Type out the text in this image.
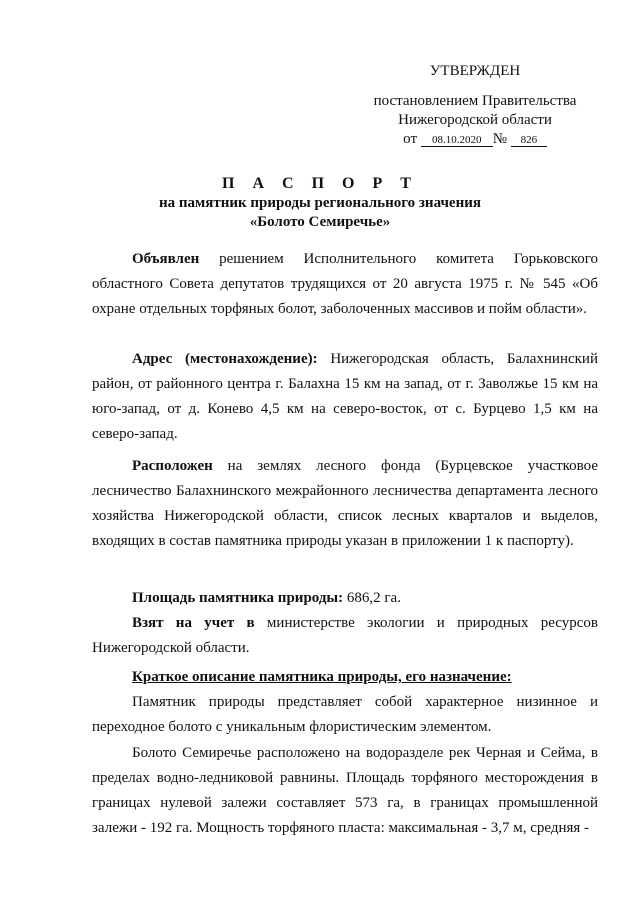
УТВЕРЖДЕН
постановлением Правительства
Нижегородской области
от 08.10.2020 № 826
П А С П О Р Т
на памятник природы регионального значения
«Болото Семиречье»

Объявлен решением Исполнительного комитета Горьковского областного Совета депутатов трудящихся от 20 августа 1975 г. № 545 «Об охране отдельных торфяных болот, заболоченных массивов и пойм области».

Адрес (местонахождение): Нижегородская область, Балахнинский район, от районного центра г. Балахна 15 км на запад, от г. Заволжье 15 км на юго-запад, от д. Конево 4,5 км на северо-восток, от с. Бурцево 1,5 км на северо-запад.

Расположен на землях лесного фонда (Бурцевское участковое лесничество Балахнинского межрайонного лесничества департамента лесного хозяйства Нижегородской области, список лесных кварталов и выделов, входящих в состав памятника природы указан в приложении 1 к паспорту).

Площадь памятника природы: 686,2 га.

Взят на учет в министерстве экологии и природных ресурсов Нижегородской области.

Краткое описание памятника природы, его назначение:

Памятник природы представляет собой характерное низинное и переходное болото с уникальным флористическим элементом.

Болото Семиречье расположено на водоразделе рек Черная и Сейма, в пределах водно-ледниковой равнины. Площадь торфяного месторождения в границах нулевой залежи составляет 573 га, в границах промышленной залежи - 192 га. Мощность торфяного пласта: максимальная - 3,7 м, средняя -
